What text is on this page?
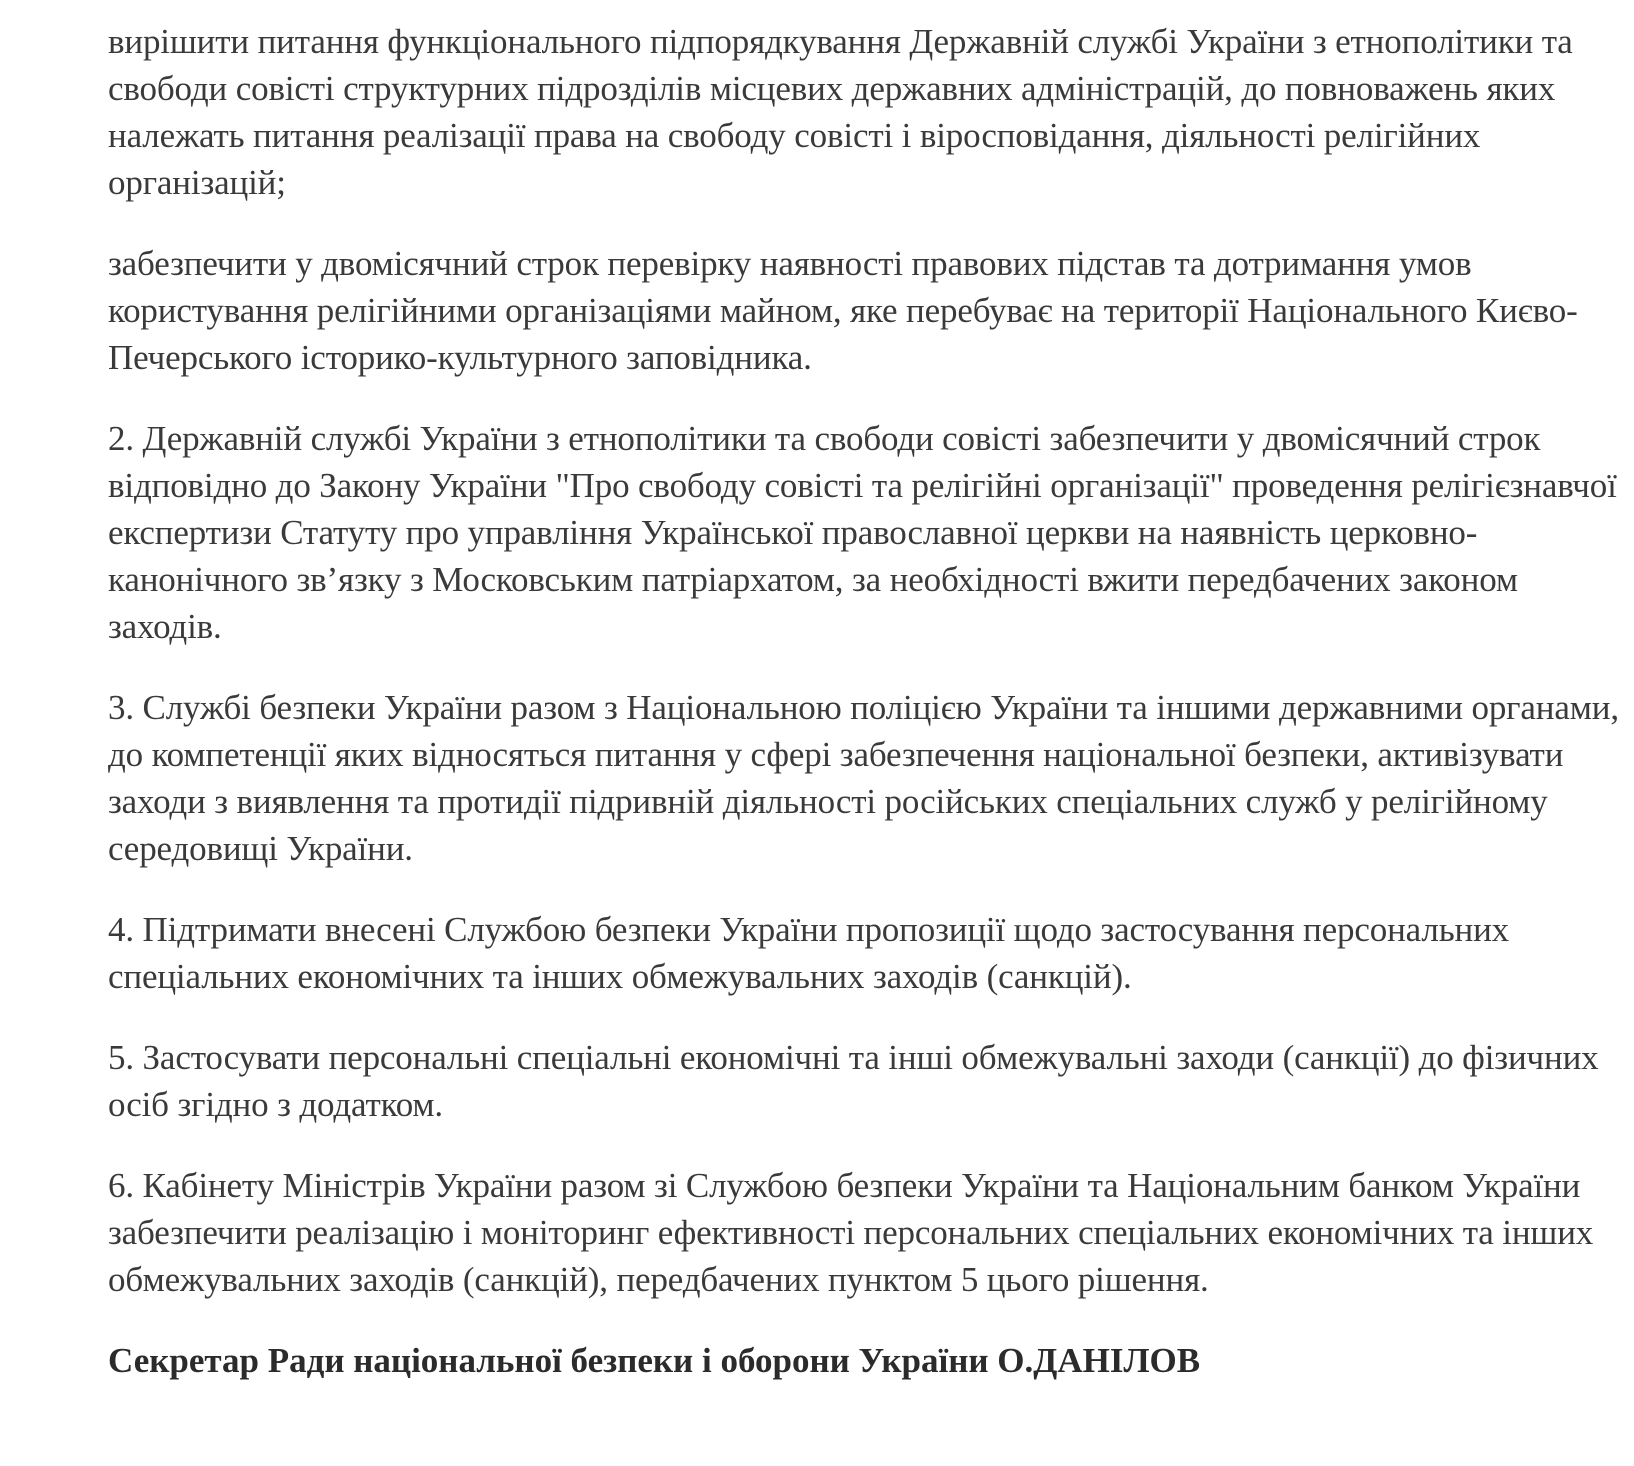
вирішити питання функціонального підпорядкування Державній службі України з етнополітики та свободи совісті структурних підрозділів місцевих державних адміністрацій, до повноважень яких належать питання реалізації права на свободу совісті і віросповідання, діяльності релігійних організацій;

забезпечити у двомісячний строк перевірку наявності правових підстав та дотримання умов користування релігійними організаціями майном, яке перебуває на території Національного Києво-Печерського історико-культурного заповідника.

2. Державній службі України з етнополітики та свободи совісті забезпечити у двомісячний строк відповідно до Закону України "Про свободу совісті та релігійні організації" проведення релігієзнавчої експертизи Статуту про управління Української православної церкви на наявність церковно-канонічного зв’язку з Московським патріархатом, за необхідності вжити передбачених законом заходів.

3. Службі безпеки України разом з Національною поліцією України та іншими державними органами, до компетенції яких відносяться питання у сфері забезпечення національної безпеки, активізувати заходи з виявлення та протидії підривній діяльності російських спеціальних служб у релігійному середовищі України.

4. Підтримати внесені Службою безпеки України пропозиції щодо застосування персональних спеціальних економічних та інших обмежувальних заходів (санкцій).

5. Застосувати персональні спеціальні економічні та інші обмежувальні заходи (санкції) до фізичних осіб згідно з додатком.

6. Кабінету Міністрів України разом зі Службою безпеки України та Національним банком України забезпечити реалізацію і моніторинг ефективності персональних спеціальних економічних та інших обмежувальних заходів (санкцій), передбачених пунктом 5 цього рішення.

Секретар Ради національної безпеки і оборони України О.ДАНІЛОВ
